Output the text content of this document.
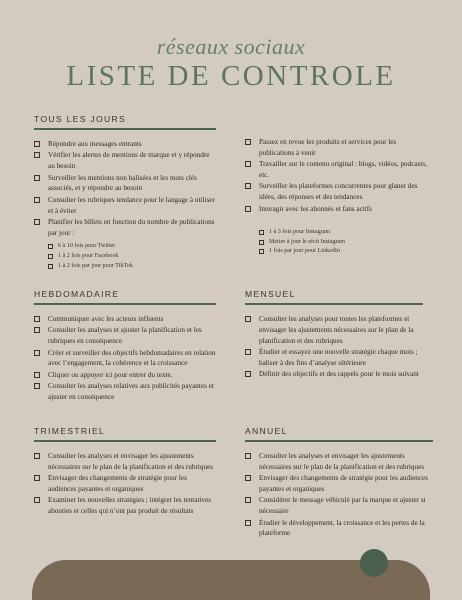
réseaux sociaux
LISTE DE CONTROLE
TOUS LES JOURS
Répondre aux messages entrants
Vérifier les alertes de mentions de marque et y répondre au besoin
Surveiller les mentions non balisées et les mots clés associés, et y répondre au besoin
Consulter les rubriques tendance pour le langage à utiliser et à éviter
Planifier les billets en fonction du nombre de publications par jour :
6 à 10 fois pour Twitter
1 à 2 fois pour Facebook
1 à 2 fois par jour pour TikTok
Passez en revue les produits et services pour les publications à venir
Travailler sur le contenu original : blogs, vidéos, podcasts, etc.
Surveiller les plateformes concurrentes pour glaner des idées, des réponses et des tendances
Interagir avec les abonnés et fans actifs
1 à 3 fois pour Instagram
Mettre à jour le récit Instagram
1 fois par jour pour LinkedIn
HEBDOMADAIRE
Communiquer avec les acteurs influents
Consulter les analyses et ajuster la planification et les rubriques en conséquence
Créer et surveiller des objectifs hebdomadaires en relation avec l’engagement, la cohérence et la croissance
Cliquer ou appuyer ici pour entrer du texte.
Consulter les analyses relatives aux publicités payantes et ajuster en conséquence
MENSUEL
Consulter les analyses pour toutes les plateformes et envisager les ajustements nécessaires sur le plan de la planification et des rubriques
Étudier et essayez une nouvelle stratégie chaque mois ; baliser à des fins d’analyse ultérieure
Définir des objectifs et des rappels pour le mois suivant
TRIMESTRIEL
Consulter les analyses et envisager les ajustements nécessaires sur le plan de la planification et des rubriques
Envisager des changements de stratégie pour les audiences payantes et organiques
Examiner les nouvelles stratégies ; intégrer les tentatives abouties et celles qui n’ont pas produit de résultats
ANNUEL
Consulter les analyses et envisager les ajustements nécessaires sur le plan de la planification et des rubriques
Envisager des changements de stratégie pour les audiences payantes et organiques
Considérer le message véhiculé par la marque et ajuster si nécessaire
Étudier le développement, la croissance et les pertes de la plateforme
